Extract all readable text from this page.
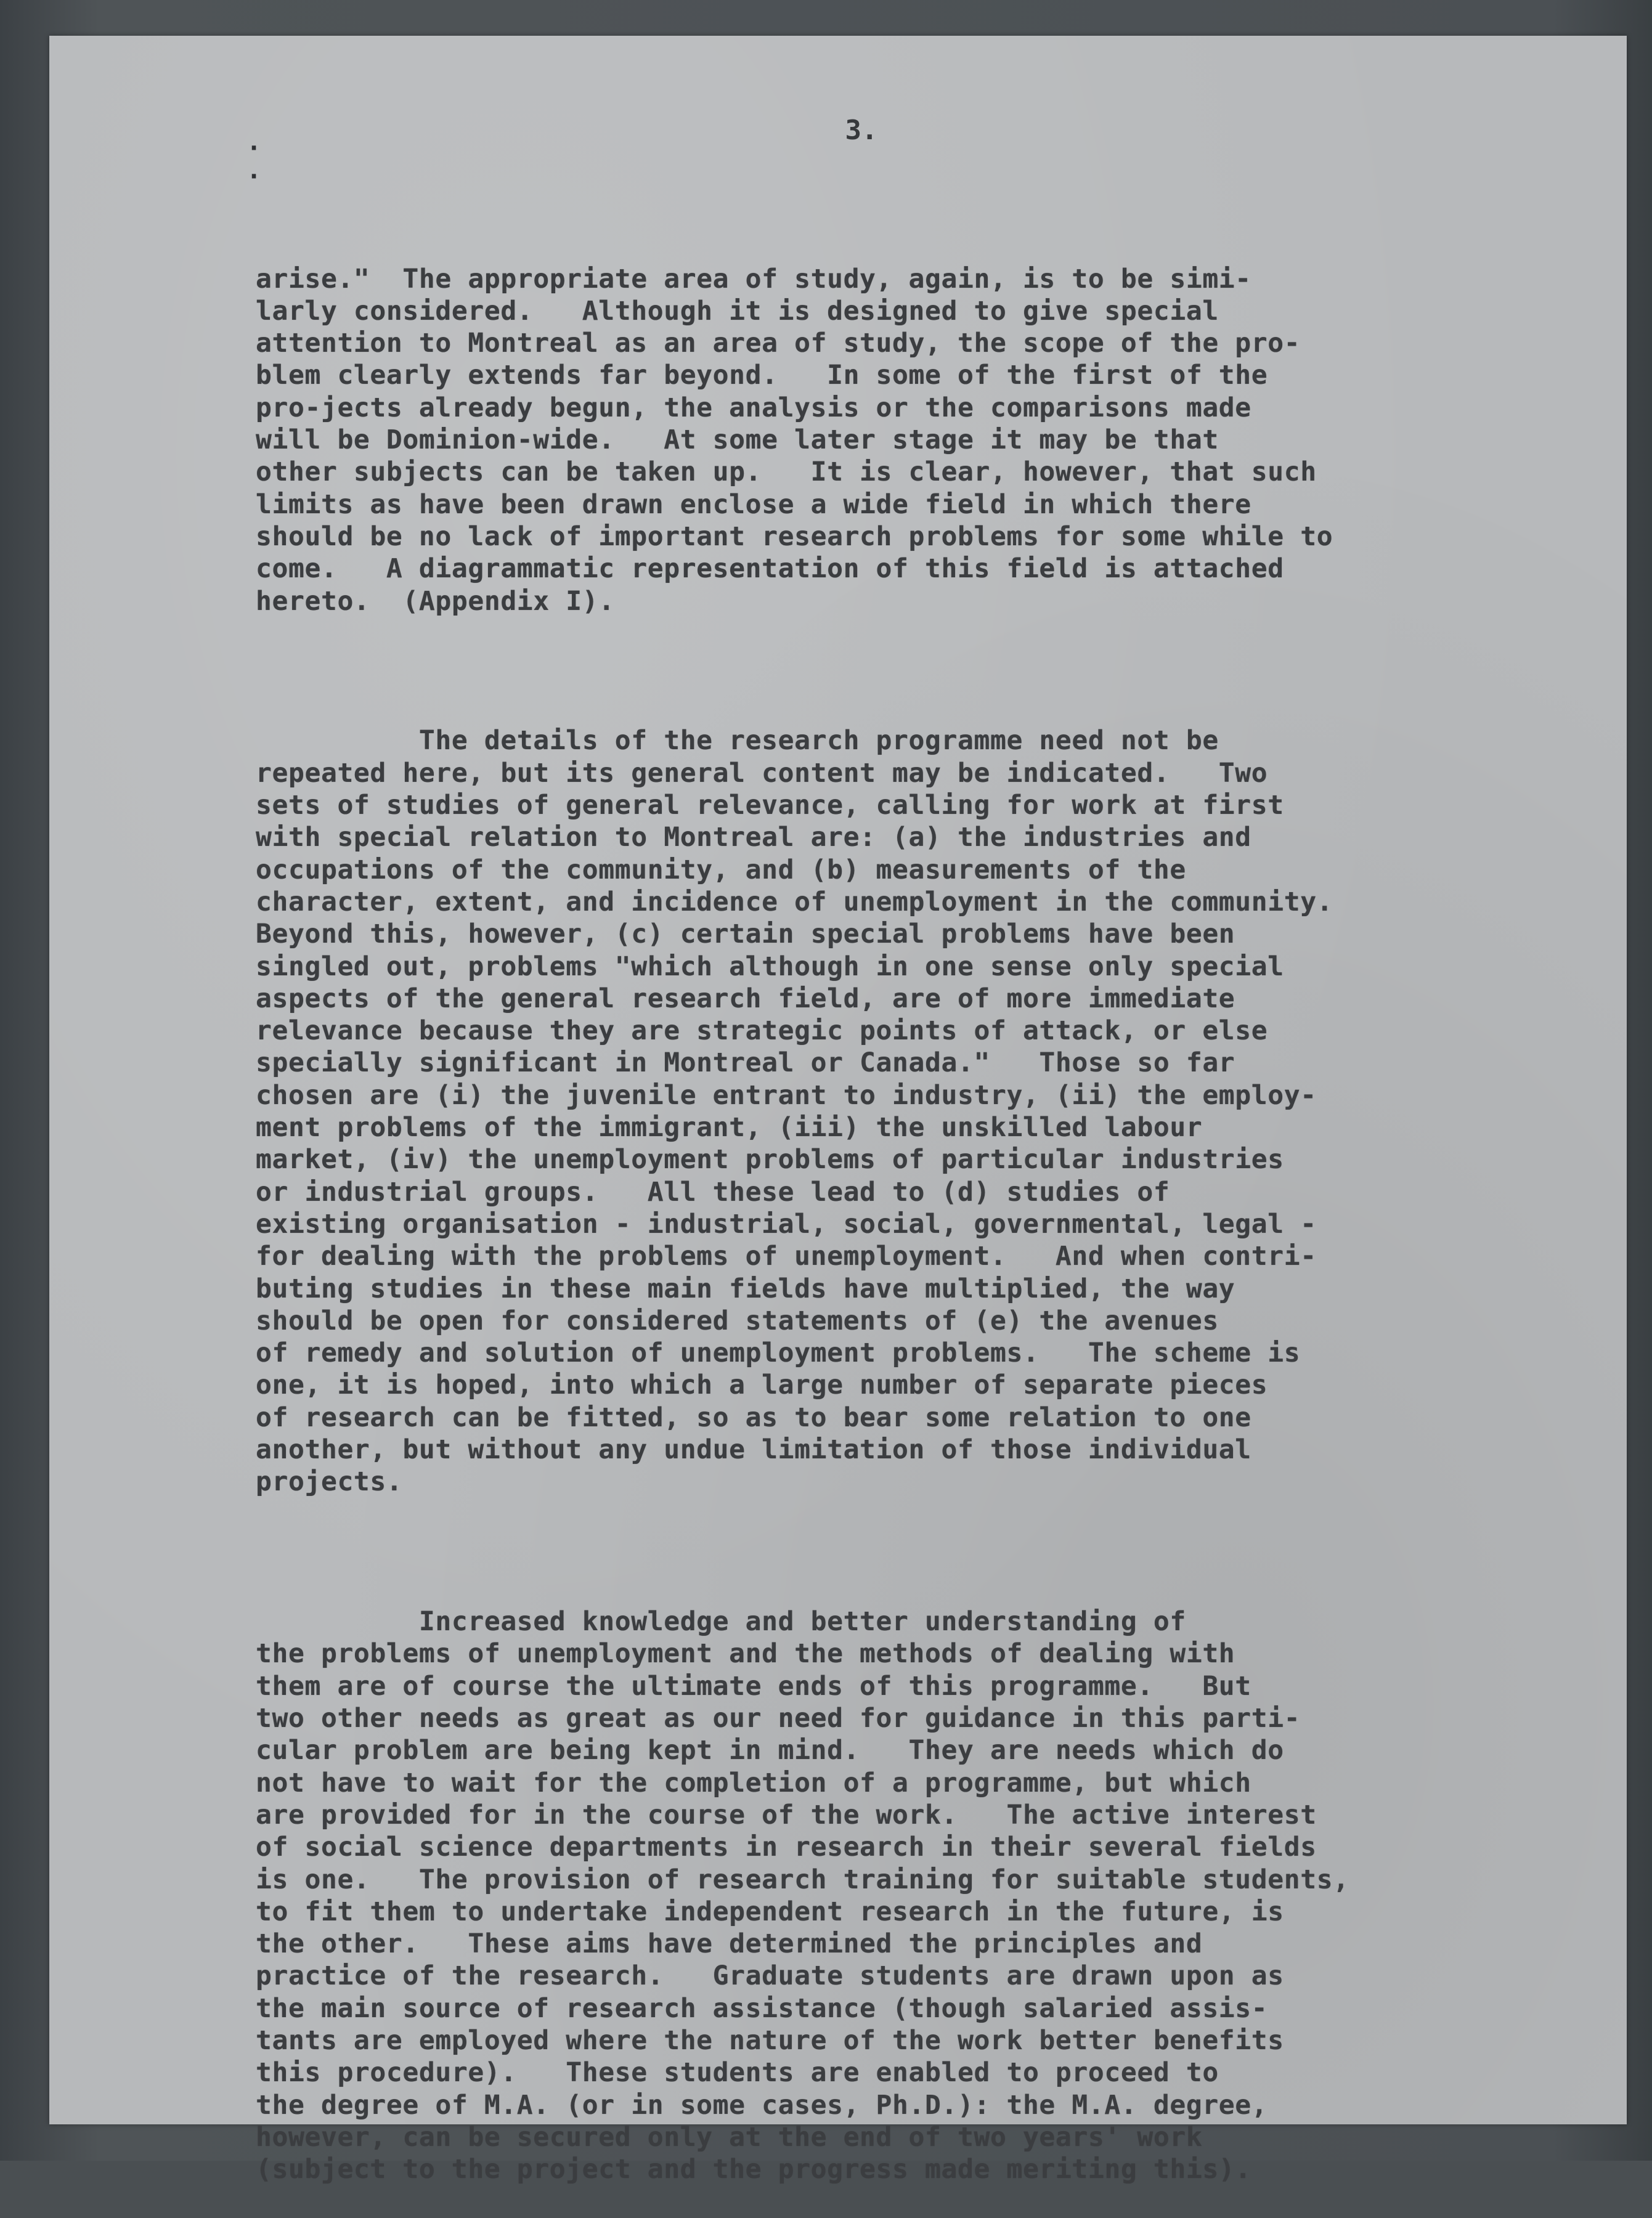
·
·
3.

arise."  The appropriate area of study, again, is to be simi-
larly considered.   Although it is designed to give special
attention to Montreal as an area of study, the scope of the pro-
blem clearly extends far beyond.   In some of the first of the
pro-jects already begun, the analysis or the comparisons made
will be Dominion-wide.   At some later stage it may be that
other subjects can be taken up.   It is clear, however, that such
limits as have been drawn enclose a wide field in which there
should be no lack of important research problems for some while to
come.   A diagrammatic representation of this field is attached
hereto.  (Appendix I).

The details of the research programme need not be
repeated here, but its general content may be indicated.   Two
sets of studies of general relevance, calling for work at first
with special relation to Montreal are: (a) the industries and
occupations of the community, and (b) measurements of the
character, extent, and incidence of unemployment in the community.
Beyond this, however, (c) certain special problems have been
singled out, problems "which although in one sense only special
aspects of the general research field, are of more immediate
relevance because they are strategic points of attack, or else
specially significant in Montreal or Canada."   Those so far
chosen are (i) the juvenile entrant to industry, (ii) the employ-
ment problems of the immigrant, (iii) the unskilled labour
market, (iv) the unemployment problems of particular industries
or industrial groups.   All these lead to (d) studies of
existing organisation - industrial, social, governmental, legal -
for dealing with the problems of unemployment.   And when contri-
buting studies in these main fields have multiplied, the way
should be open for considered statements of (e) the avenues
of remedy and solution of unemployment problems.   The scheme is
one, it is hoped, into which a large number of separate pieces
of research can be fitted, so as to bear some relation to one
another, but without any undue limitation of those individual
projects.

Increased knowledge and better understanding of
the problems of unemployment and the methods of dealing with
them are of course the ultimate ends of this programme.   But
two other needs as great as our need for guidance in this parti-
cular problem are being kept in mind.   They are needs which do
not have to wait for the completion of a programme, but which
are provided for in the course of the work.   The active interest
of social science departments in research in their several fields
is one.   The provision of research training for suitable students,
to fit them to undertake independent research in the future, is
the other.   These aims have determined the principles and
practice of the research.   Graduate students are drawn upon as
the main source of research assistance (though salaried assis-
tants are employed where the nature of the work better benefits
this procedure).   These students are enabled to proceed to
the degree of M.A. (or in some cases, Ph.D.): the M.A. degree,
however, can be secured only at the end of two years' work
(subject to the project and the progress made meriting this).
